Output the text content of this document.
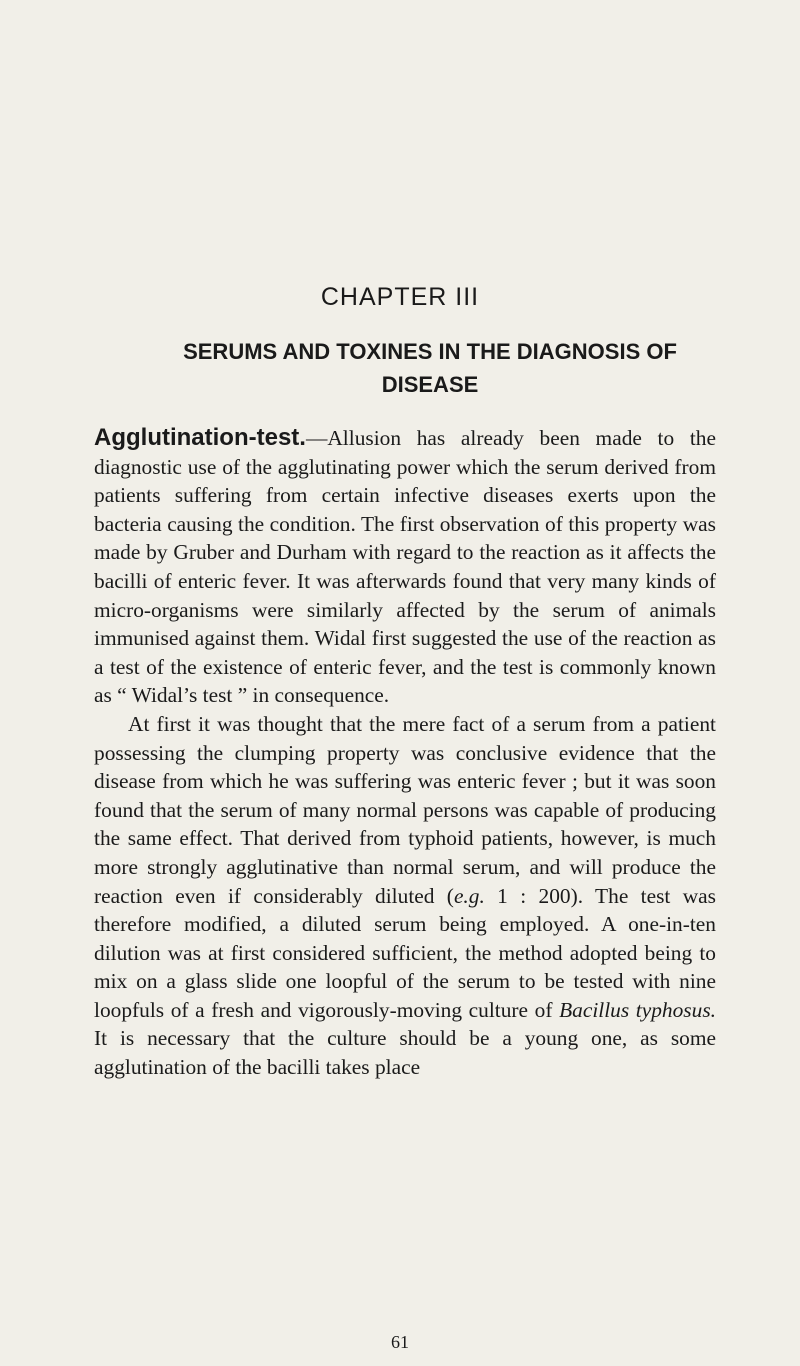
CHAPTER III
SERUMS AND TOXINES IN THE DIAGNOSIS OF DISEASE

Agglutination-test.—Allusion has already been made to the diagnostic use of the agglutinating power which the serum derived from patients suffering from certain infective diseases exerts upon the bacteria causing the condition. The first observation of this property was made by Gruber and Durham with regard to the reaction as it affects the bacilli of enteric fever. It was afterwards found that very many kinds of micro-organisms were similarly affected by the serum of animals immunised against them. Widal first suggested the use of the reaction as a test of the existence of enteric fever, and the test is commonly known as “ Widal’s test ” in consequence.

At first it was thought that the mere fact of a serum from a patient possessing the clumping property was conclusive evidence that the disease from which he was suffering was enteric fever ; but it was soon found that the serum of many normal persons was capable of producing the same effect. That derived from typhoid patients, however, is much more strongly agglutinative than normal serum, and will produce the reaction even if considerably diluted (e.g. 1 : 200). The test was therefore modified, a diluted serum being employed. A one-in-ten dilution was at first considered sufficient, the method adopted being to mix on a glass slide one loopful of the serum to be tested with nine loopfuls of a fresh and vigorously-moving culture of Bacillus typhosus. It is necessary that the culture should be a young one, as some agglutination of the bacilli takes place

61
